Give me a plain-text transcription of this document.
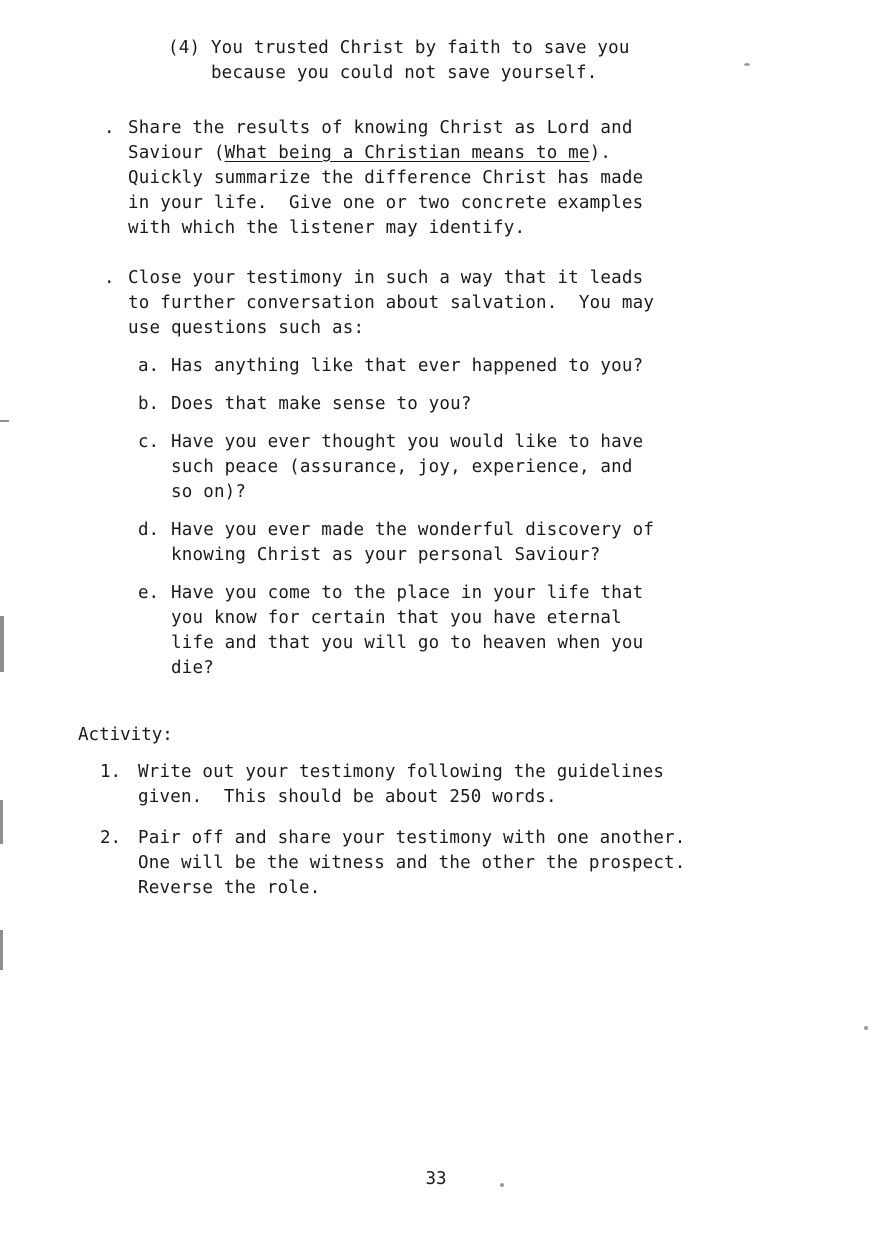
(4) You trusted Christ by faith to save you
because you could not save yourself.
. Share the results of knowing Christ as Lord and
Saviour (What being a Christian means to me).
Quickly summarize the difference Christ has made
in your life.  Give one or two concrete examples
with which the listener may identify.
. Close your testimony in such a way that it leads
to further conversation about salvation.  You may
use questions such as:
a. Has anything like that ever happened to you?
b. Does that make sense to you?
c. Have you ever thought you would like to have
such peace (assurance, joy, experience, and
so on)?
d. Have you ever made the wonderful discovery of
knowing Christ as your personal Saviour?
e. Have you come to the place in your life that
you know for certain that you have eternal
life and that you will go to heaven when you
die?
Activity:
1. Write out your testimony following the guidelines
given.  This should be about 250 words.
2. Pair off and share your testimony with one another.
One will be the witness and the other the prospect.
Reverse the role.
33
